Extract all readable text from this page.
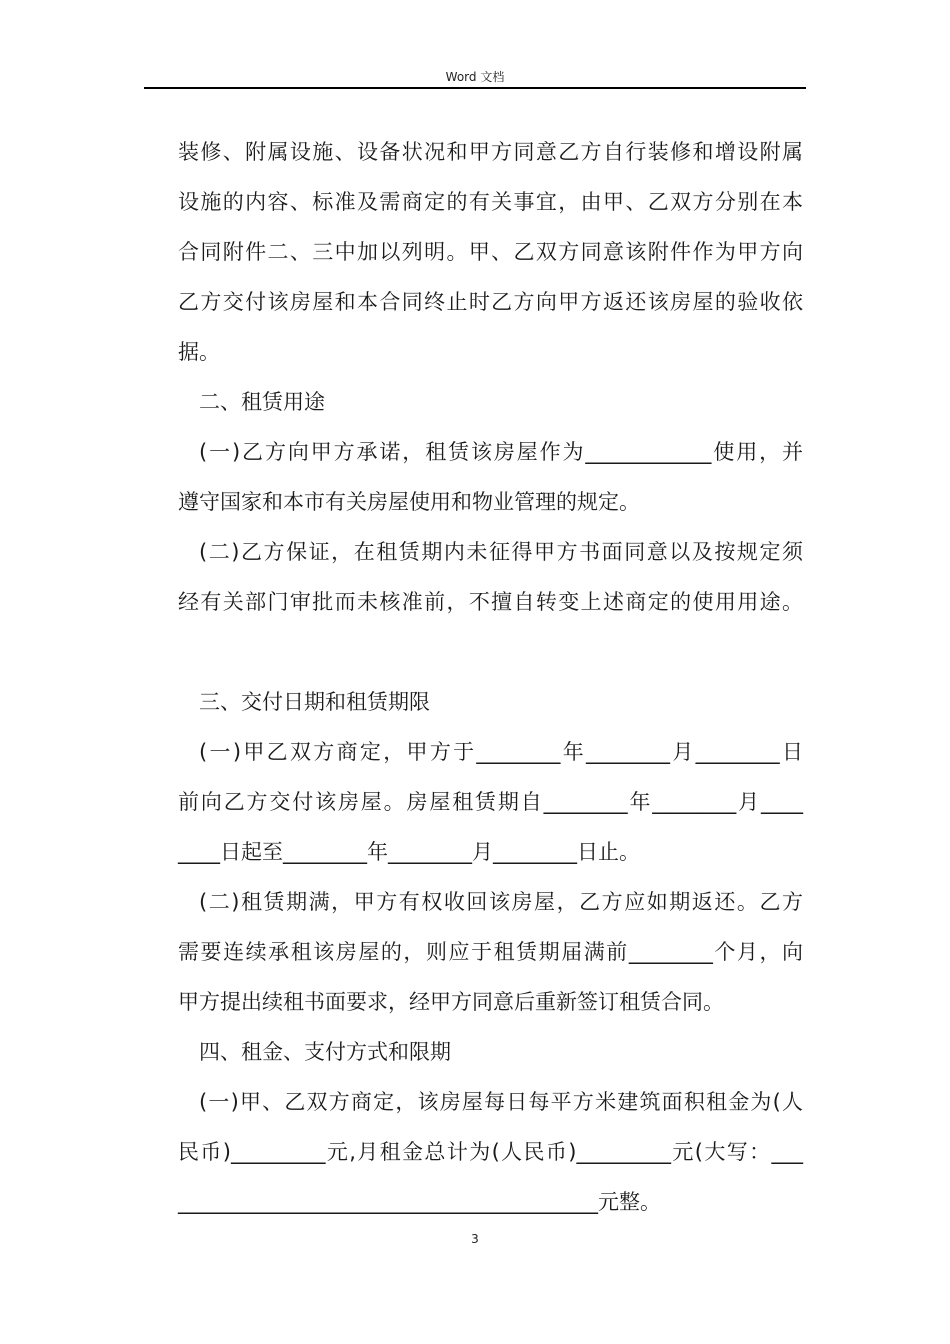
Word 文档
装修、附属设施、设备状况和甲方同意乙方自行装修和增设附属
设施的内容、标准及需商定的有关事宜，由甲、乙双方分别在本
合同附件二、三中加以列明。甲、乙双方同意该附件作为甲方向
乙方交付该房屋和本合同终止时乙方向甲方返还该房屋的验收依
据。
二、租赁用途
(一)乙方向甲方承诺，租赁该房屋作为____________使用，并
遵守国家和本市有关房屋使用和物业管理的规定。
(二)乙方保证，在租赁期内未征得甲方书面同意以及按规定须
经有关部门审批而未核准前，不擅自转变上述商定的使用用途。
三、交付日期和租赁期限
(一)甲乙双方商定，甲方于________年________月________日
前向乙方交付该房屋。房屋租赁期自________年________月____
____日起至________年________月________日止。
(二)租赁期满，甲方有权收回该房屋，乙方应如期返还。乙方
需要连续承租该房屋的，则应于租赁期届满前________个月，向
甲方提出续租书面要求，经甲方同意后重新签订租赁合同。
四、租金、支付方式和限期
(一)甲、乙双方商定，该房屋每日每平方米建筑面积租金为(人
民币)_________元,月租金总计为(人民币)_________元(大写：___
________________________________________元整。
3
